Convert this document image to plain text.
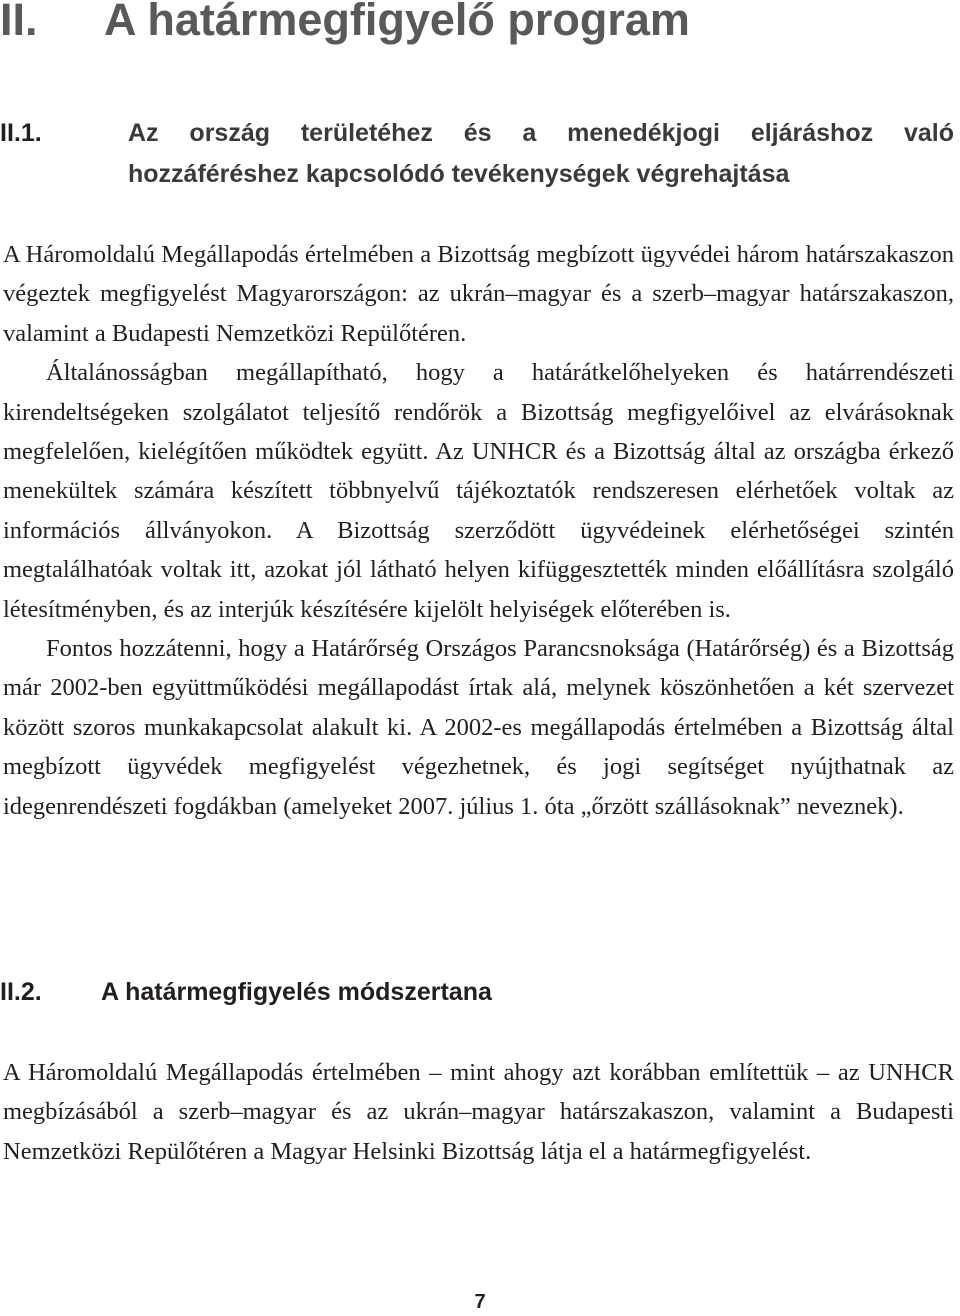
II. A határmegfigyelő program
II.1.	Az ország területéhez és a menedékjogi eljáráshoz való hozzáféréshez kapcsolódó tevékenységek végrehajtása

A Háromoldalú Megállapodás értelmében a Bizottság megbízott ügyvédei három határszakaszon végeztek megfigyelést Magyarországon: az ukrán–magyar és a szerb–magyar határszakaszon, valamint a Budapesti Nemzetközi Repülőtéren.

Általánosságban megállapítható, hogy a határátkelőhelyeken és határrendészeti kirendeltségeken szolgálatot teljesítő rendőrök a Bizottság megfigyelőivel az elvárásoknak megfelelően, kielégítően működtek együtt. Az UNHCR és a Bizottság által az országba érkező menekültek számára készített többnyelvű tájékoztatók rendszeresen elérhetőek voltak az információs állványokon. A Bizottság szerződött ügyvédeinek elérhetőségei szintén megtalálhatóak voltak itt, azokat jól látható helyen kifüggesztették minden előállításra szolgáló létesítményben, és az interjúk készítésére kijelölt helyiségek előterében is.

Fontos hozzátenni, hogy a Határőrség Országos Parancsnoksága (Határőrség) és a Bizottság már 2002-ben együttműködési megállapodást írtak alá, melynek köszönhetően a két szervezet között szoros munkakapcsolat alakult ki. A 2002-es megállapodás értelmében a Bizottság által megbízott ügyvédek megfigyelést végezhetnek, és jogi segítséget nyújthatnak az idegenrendészeti fogdákban (amelyeket 2007. július 1. óta „őrzött szállásoknak” neveznek).

II.2. A határmegfigyelés módszertana

A Háromoldalú Megállapodás értelmében – mint ahogy azt korábban említettük – az UNHCR megbízásából a szerb–magyar és az ukrán–magyar határszakaszon, valamint a Budapesti Nemzetközi Repülőtéren a Magyar Helsinki Bizottság látja el a határmegfigyelést.

7
